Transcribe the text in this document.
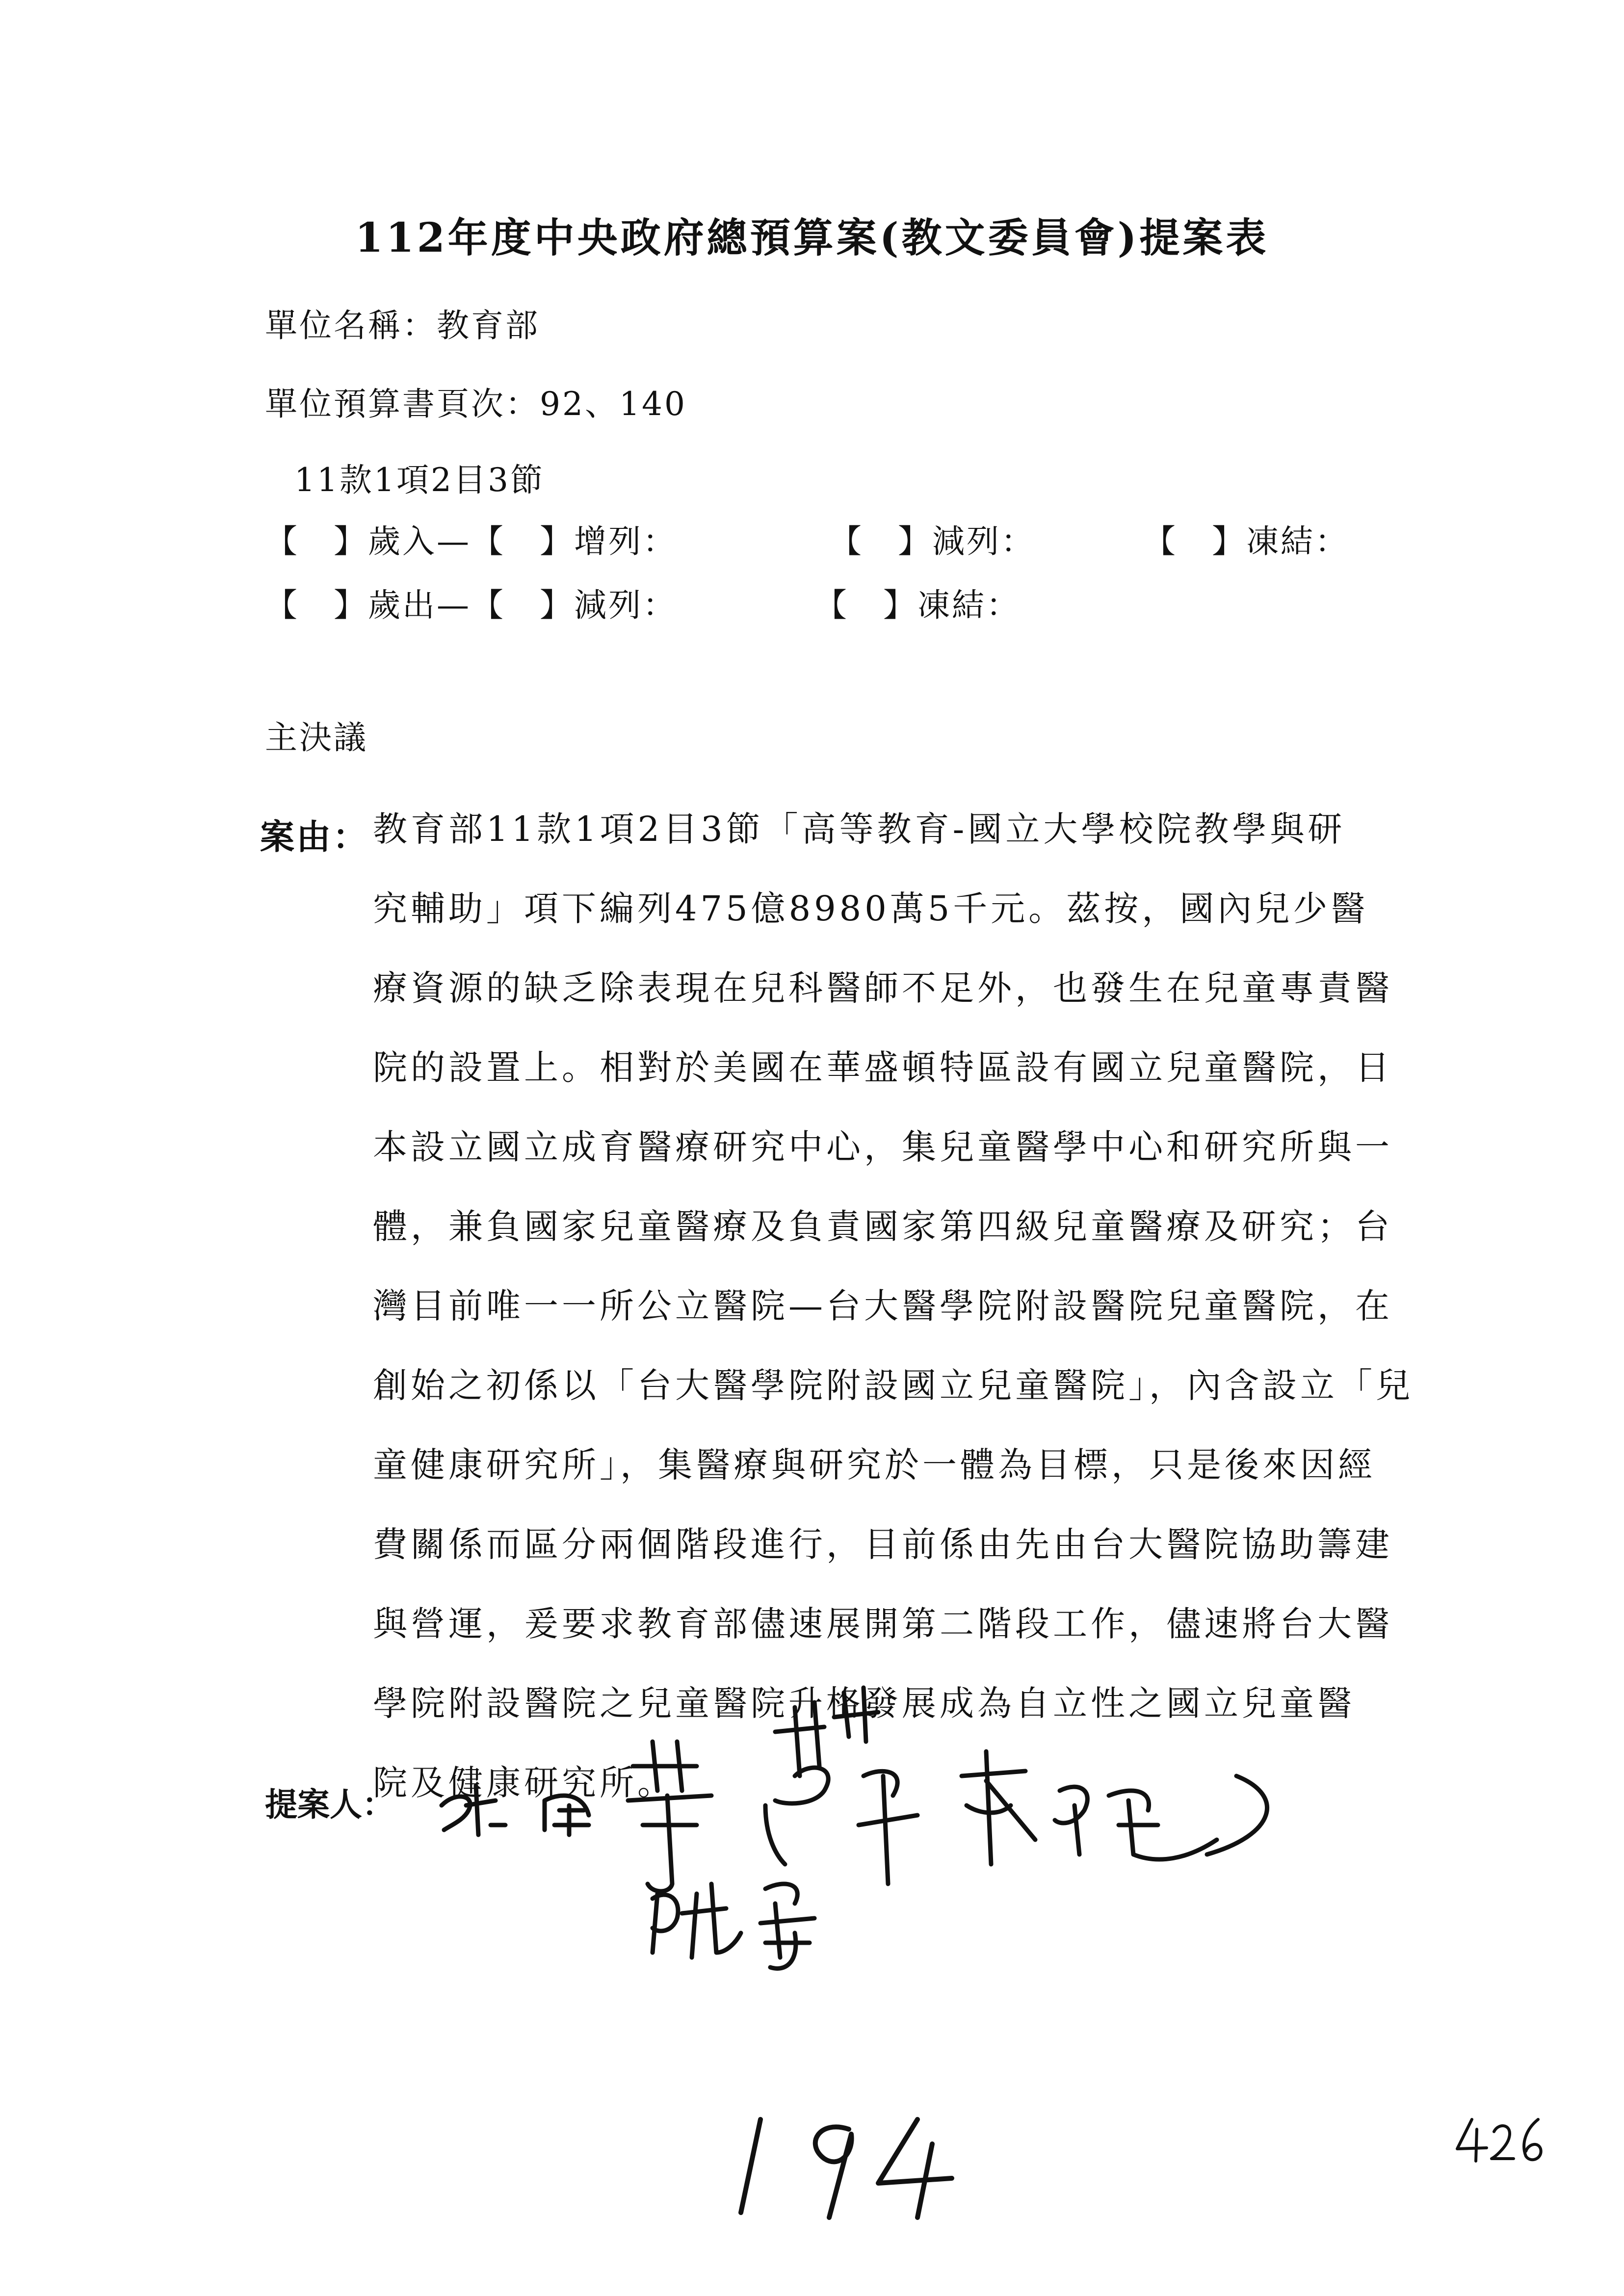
112年度中央政府總預算案(教文委員會)提案表
單位名稱：教育部
單位預算書頁次：92、140
11款1項2目3節
【　】歲入—【　】增列：	【　】減列：	【　】凍結：
【　】歲出—【　】減列：	【　】凍結：
主決議
案由： 教育部11款1項2目3節「高等教育-國立大學校院教學與研
究輔助」項下編列475億8980萬5千元。茲按，國內兒少醫
療資源的缺乏除表現在兒科醫師不足外，也發生在兒童專責醫
院的設置上。相對於美國在華盛頓特區設有國立兒童醫院，日
本設立國立成育醫療研究中心，集兒童醫學中心和研究所與一
體，兼負國家兒童醫療及負責國家第四級兒童醫療及研究；台
灣目前唯一一所公立醫院—台大醫學院附設醫院兒童醫院，在
創始之初係以「台大醫學院附設國立兒童醫院」，內含設立「兒
童健康研究所」，集醫療與研究於一體為目標，只是後來因經
費關係而區分兩個階段進行，目前係由先由台大醫院協助籌建
與營運，爰要求教育部儘速展開第二階段工作，儘速將台大醫
學院附設醫院之兒童醫院升格發展成為自立性之國立兒童醫
院及健康研究所。
提案人：
